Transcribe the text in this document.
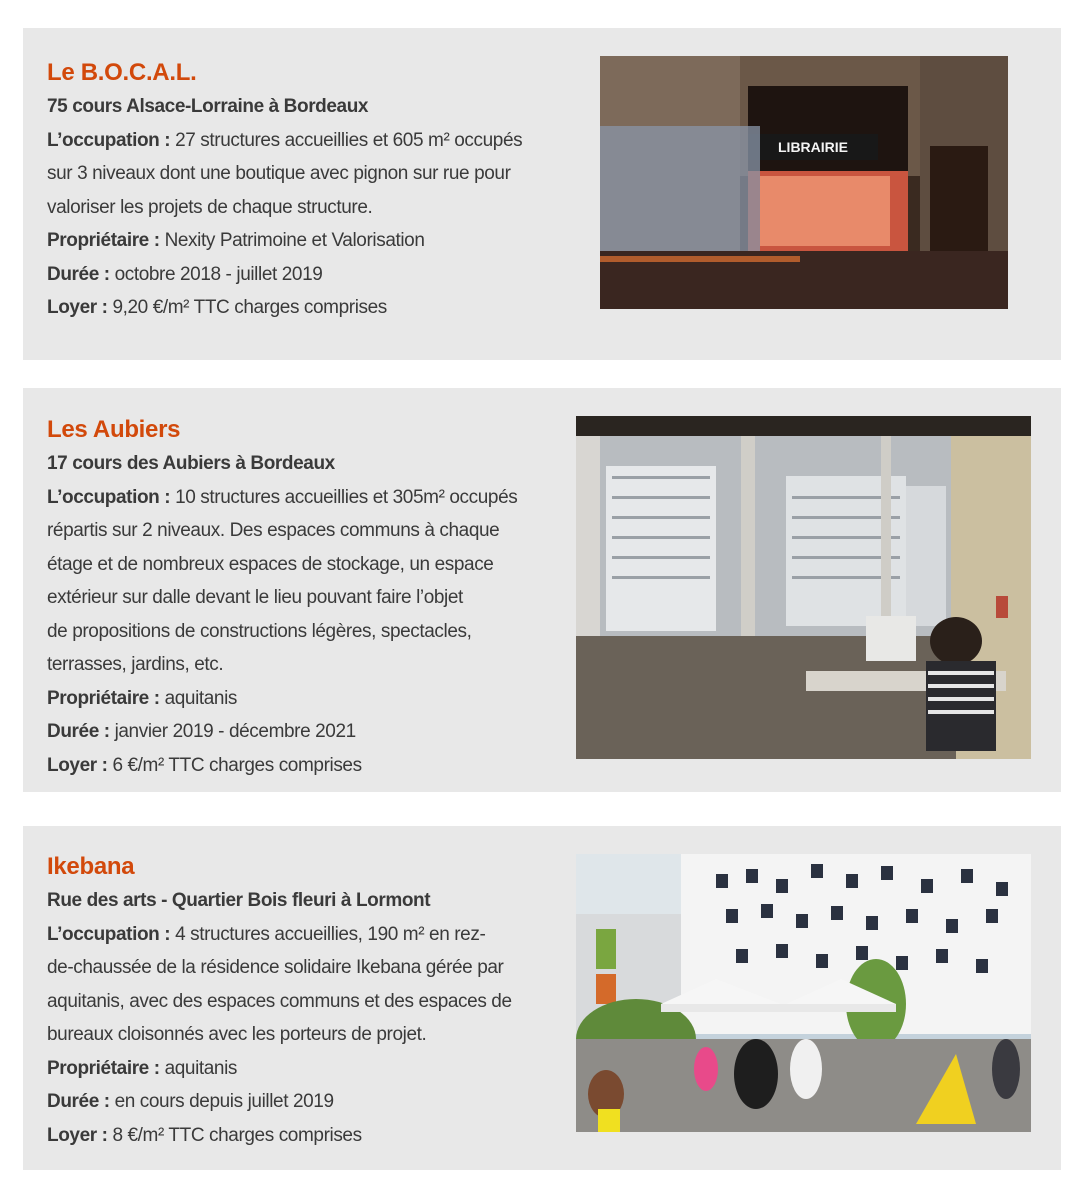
Le B.O.C.A.L.
75 cours Alsace-Lorraine à Bordeaux
L’occupation : 27 structures accueillies et 605 m² occupés
sur 3 niveaux dont une boutique avec pignon sur rue pour
valoriser les projets de chaque structure.
Propriétaire : Nexity Patrimoine et Valorisation
Durée : octobre 2018 - juillet 2019
Loyer : 9,20 €/m² TTC charges comprises
LIBRAIRIE
Les Aubiers
17 cours des Aubiers à Bordeaux
L’occupation : 10 structures accueillies et 305m² occupés
répartis sur 2 niveaux. Des espaces communs à chaque
étage et de nombreux espaces de stockage, un espace
extérieur sur dalle devant le lieu pouvant faire l’objet
de propositions de constructions légères, spectacles,
terrasses, jardins, etc.
Propriétaire : aquitanis
Durée : janvier 2019 - décembre 2021
Loyer : 6 €/m² TTC charges comprises
Ikebana
Rue des arts - Quartier Bois fleuri à Lormont
L’occupation : 4 structures accueillies, 190 m² en rez-
de-chaussée de la résidence solidaire Ikebana gérée par
aquitanis, avec des espaces communs et des espaces de
bureaux cloisonnés avec les porteurs de projet.
Propriétaire : aquitanis
Durée : en cours depuis juillet 2019
Loyer : 8 €/m² TTC charges comprises
